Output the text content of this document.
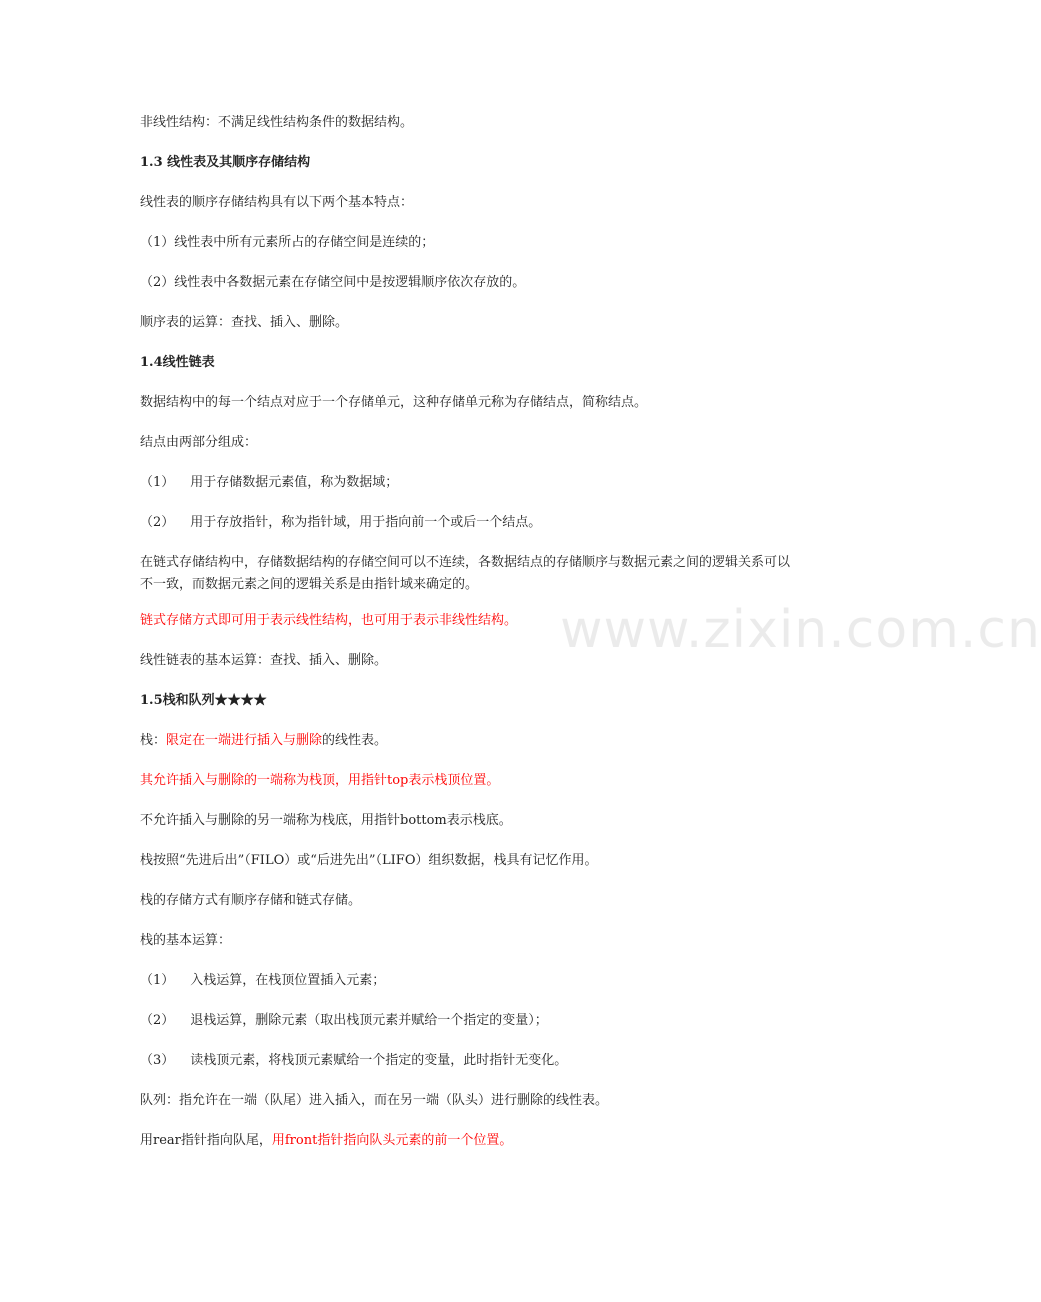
非线性结构：不满足线性结构条件的数据结构。
1.3 线性表及其顺序存储结构
线性表的顺序存储结构具有以下两个基本特点：
（1）线性表中所有元素所占的存储空间是连续的；
（2）线性表中各数据元素在存储空间中是按逻辑顺序依次存放的。
顺序表的运算：查找、插入、删除。
1.4线性链表
数据结构中的每一个结点对应于一个存储单元，这种存储单元称为存储结点，简称结点。
结点由两部分组成：
（1） 用于存储数据元素值，称为数据域；
（2） 用于存放指针，称为指针域，用于指向前一个或后一个结点。
在链式存储结构中，存储数据结构的存储空间可以不连续，各数据结点的存储顺序与数据元素之间的逻辑关系可以不一致，而数据元素之间的逻辑关系是由指针域来确定的。
链式存储方式即可用于表示线性结构，也可用于表示非线性结构。
线性链表的基本运算：查找、插入、删除。
1.5栈和队列★★★★
栈：限定在一端进行插入与删除的线性表。
其允许插入与删除的一端称为栈顶，用指针top表示栈顶位置。
不允许插入与删除的另一端称为栈底，用指针bottom表示栈底。
栈按照“先进后出”（FILO）或“后进先出”（LIFO）组织数据，栈具有记忆作用。
栈的存储方式有顺序存储和链式存储。
栈的基本运算：
（1） 入栈运算，在栈顶位置插入元素；
（2） 退栈运算，删除元素（取出栈顶元素并赋给一个指定的变量）；
（3） 读栈顶元素，将栈顶元素赋给一个指定的变量，此时指针无变化。
队列：指允许在一端（队尾）进入插入，而在另一端（队头）进行删除的线性表。
用rear指针指向队尾，用front指针指向队头元素的前一个位置。
www.zixin.com.cn
